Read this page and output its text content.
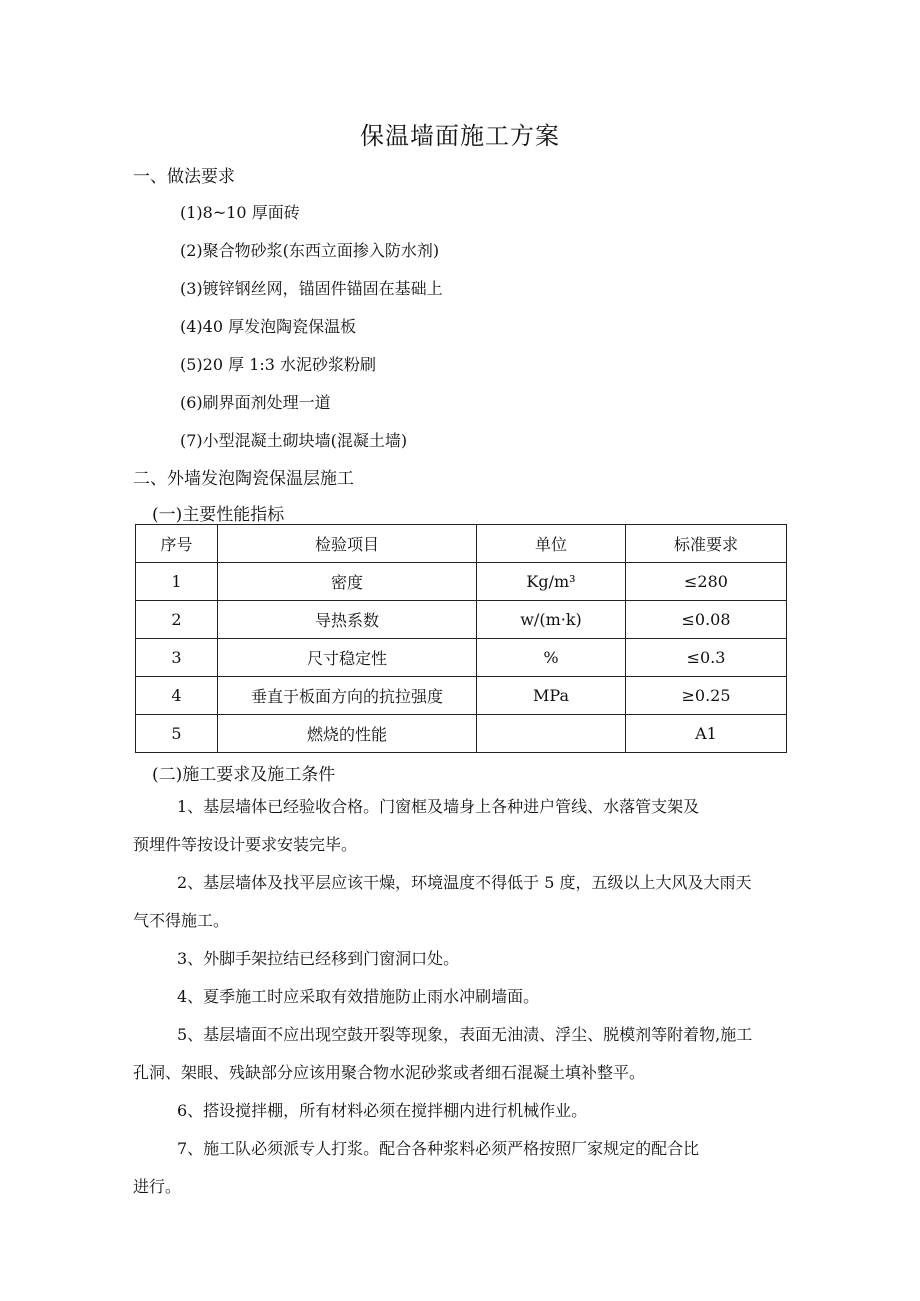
保温墙面施工方案
一、做法要求
(1)8~10 厚面砖
(2)聚合物砂浆(东西立面掺入防水剂)
(3)镀锌钢丝网，锚固件锚固在基础上
(4)40 厚发泡陶瓷保温板
(5)20 厚 1:3 水泥砂浆粉刷
(6)刷界面剂处理一道
(7)小型混凝土砌块墙(混凝土墙)
二、外墙发泡陶瓷保温层施工
(一)主要性能指标
序号	检验项目	单位	标准要求
1	密度	Kg/m³	≤280
2	导热系数	w/(m·k)	≤0.08
3	尺寸稳定性	%	≤0.3
4	垂直于板面方向的抗拉强度	MPa	≥0.25
5	燃烧的性能		A1
(二)施工要求及施工条件
1、基层墙体已经验收合格。门窗框及墙身上各种进户管线、水落管支架及
预埋件等按设计要求安装完毕。
2、基层墙体及找平层应该干燥，环境温度不得低于 5 度，五级以上大风及大雨天
气不得施工。
3、外脚手架拉结已经移到门窗洞口处。
4、夏季施工时应采取有效措施防止雨水冲刷墙面。
5、基层墙面不应出现空鼓开裂等现象，表面无油渍、浮尘、脱模剂等附着物,施工
孔洞、架眼、残缺部分应该用聚合物水泥砂浆或者细石混凝土填补整平。
6、搭设搅拌棚，所有材料必须在搅拌棚内进行机械作业。
7、施工队必须派专人打浆。配合各种浆料必须严格按照厂家规定的配合比
进行。
